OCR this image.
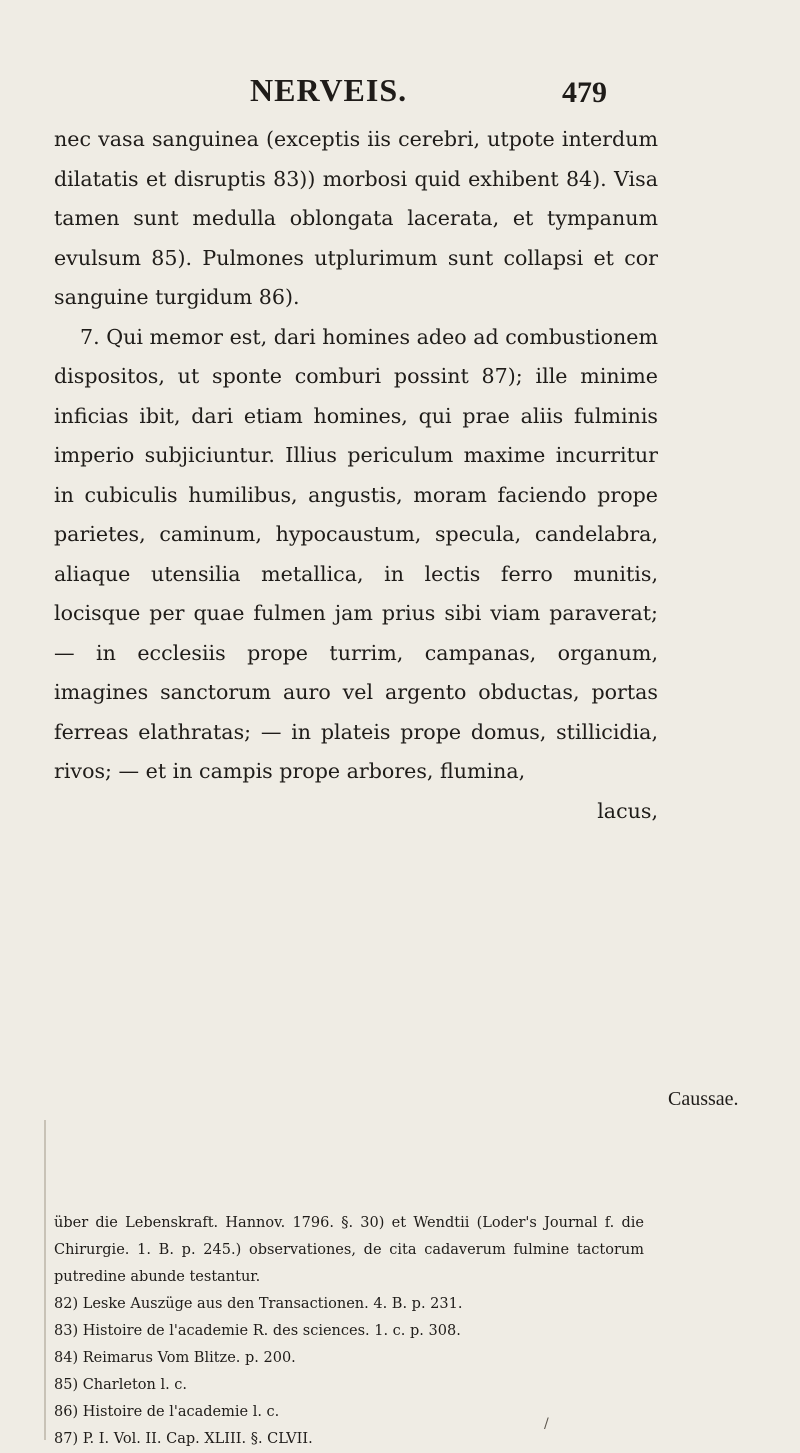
NERVEIS.	479

nec vasa sanguinea (exceptis iis cerebri, utpote interdum dilatatis et disruptis 83)) morbosi quid exhibent 84). Visa tamen sunt medulla oblongata lacerata, et tympanum evulsum 85). Pulmones utplurimum sunt collapsi et cor sanguine turgidum 86).

7. Qui memor est, dari homines adeo ad combustionem dispositos, ut sponte comburi possint 87); ille minime inficias ibit, dari etiam homines, qui prae aliis fulminis imperio subjiciuntur. Illius periculum maxime incurritur in cubiculis humilibus, angustis, moram faciendo prope parietes, caminum, hypocaustum, specula, candelabra, aliaque utensilia metallica, in lectis ferro munitis, locisque per quae fulmen jam prius sibi viam paraverat; — in ecclesiis prope turrim, campanas, organum, imagines sanctorum auro vel argento obductas, portas ferreas elathratas; — in plateis prope domus, stillicidia, rivos; — et in campis prope arbores, flumina,

lacus,
Caussae.
über die Lebenskraft. Hannov. 1796. §. 30) et Wendtii (Loder's Journal f. die Chirurgie. 1. B. p. 245.) observationes, de cita cadaverum fulmine tactorum putredine abunde testantur.
82) Leske Auszüge aus den Transactionen. 4. B. p. 231.
83) Histoire de l'academie R. des sciences. 1. c. p. 308.
84) Reimarus Vom Blitze. p. 200.
85) Charleton l. c.
86) Histoire de l'academie l. c.
87) P. I. Vol. II. Cap. XLIII. §. CLVII.
/
